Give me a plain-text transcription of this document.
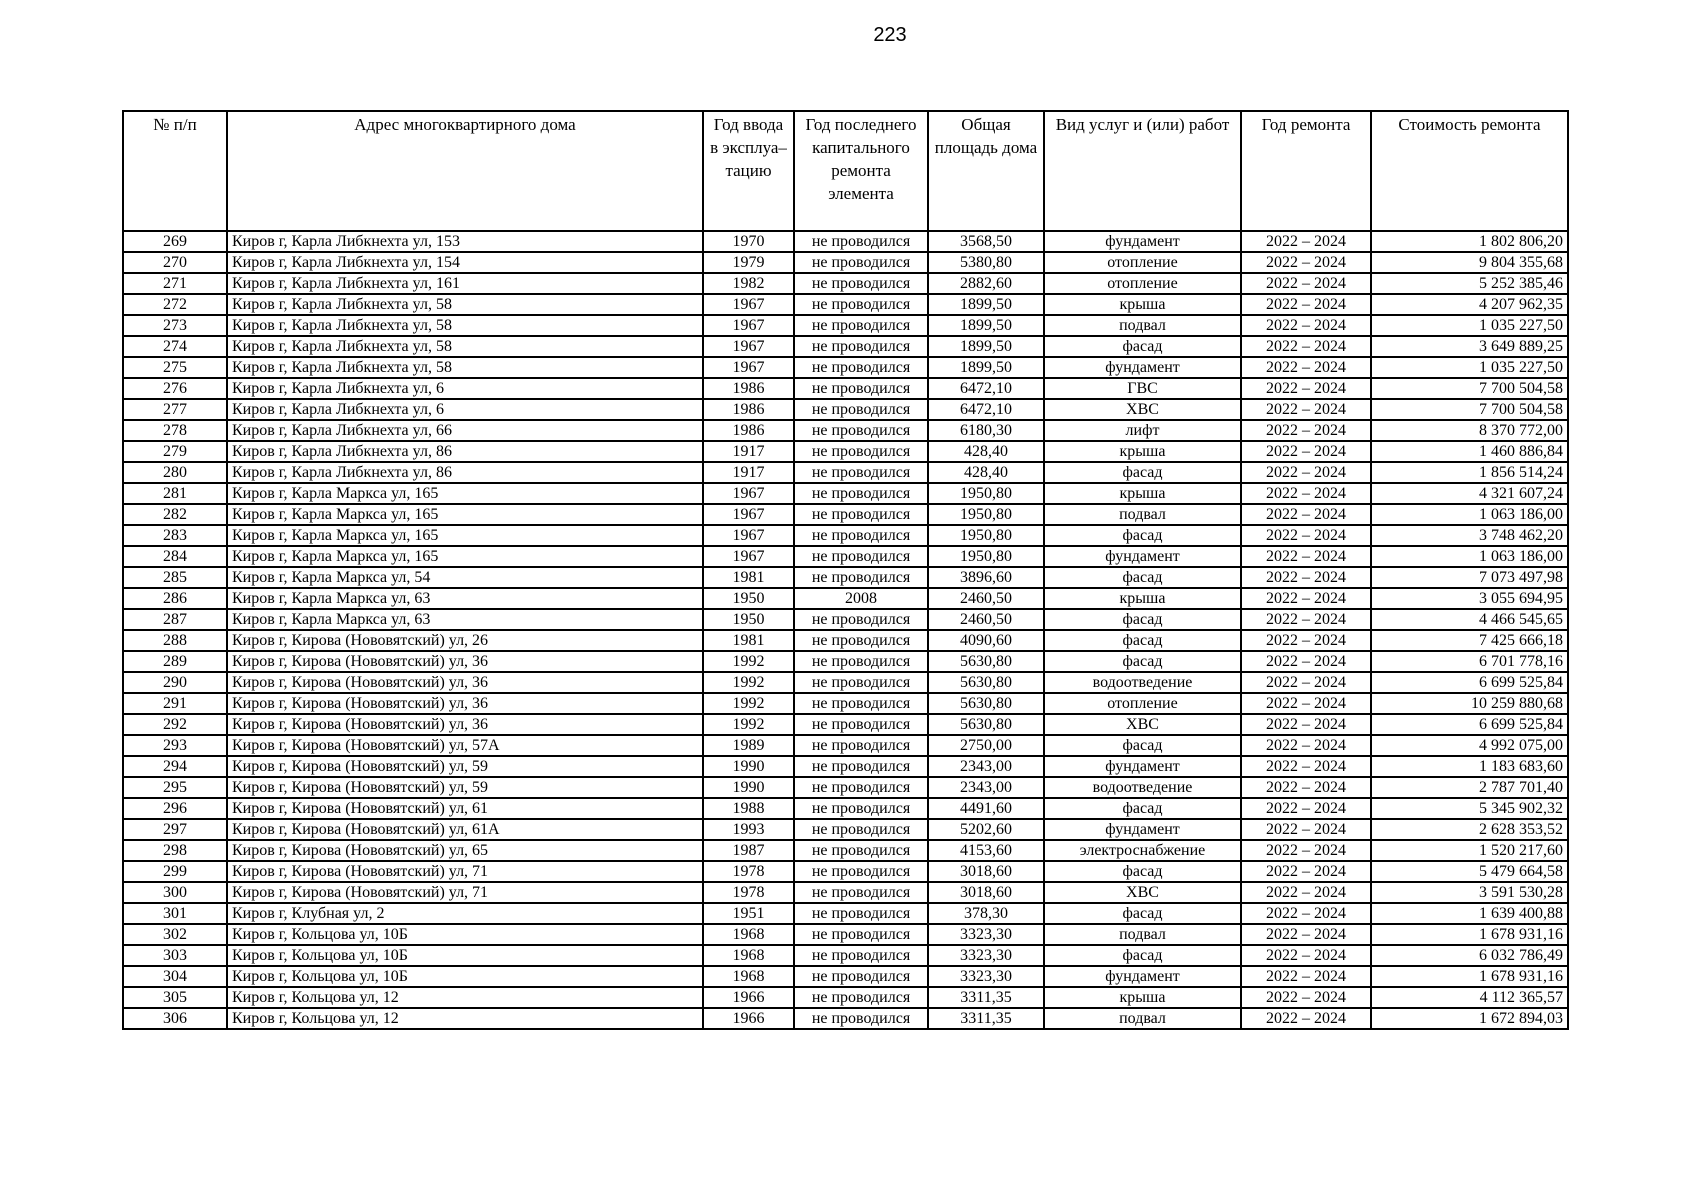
223
№ п/п	Адрес многоквартирного дома	Год ввода в эксплуа–тацию	Год последнего капитального ремонта элемента	Общая площадь дома	Вид услуг и (или) работ	Год ремонта	Стоимость ремонта
269	Киров г, Карла Либкнехта ул, 153	1970	не проводился	3568,50	фундамент	2022 – 2024	1 802 806,20
270	Киров г, Карла Либкнехта ул, 154	1979	не проводился	5380,80	отопление	2022 – 2024	9 804 355,68
271	Киров г, Карла Либкнехта ул, 161	1982	не проводился	2882,60	отопление	2022 – 2024	5 252 385,46
272	Киров г, Карла Либкнехта ул, 58	1967	не проводился	1899,50	крыша	2022 – 2024	4 207 962,35
273	Киров г, Карла Либкнехта ул, 58	1967	не проводился	1899,50	подвал	2022 – 2024	1 035 227,50
274	Киров г, Карла Либкнехта ул, 58	1967	не проводился	1899,50	фасад	2022 – 2024	3 649 889,25
275	Киров г, Карла Либкнехта ул, 58	1967	не проводился	1899,50	фундамент	2022 – 2024	1 035 227,50
276	Киров г, Карла Либкнехта ул, 6	1986	не проводился	6472,10	ГВС	2022 – 2024	7 700 504,58
277	Киров г, Карла Либкнехта ул, 6	1986	не проводился	6472,10	ХВС	2022 – 2024	7 700 504,58
278	Киров г, Карла Либкнехта ул, 66	1986	не проводился	6180,30	лифт	2022 – 2024	8 370 772,00
279	Киров г, Карла Либкнехта ул, 86	1917	не проводился	428,40	крыша	2022 – 2024	1 460 886,84
280	Киров г, Карла Либкнехта ул, 86	1917	не проводился	428,40	фасад	2022 – 2024	1 856 514,24
281	Киров г, Карла Маркса ул, 165	1967	не проводился	1950,80	крыша	2022 – 2024	4 321 607,24
282	Киров г, Карла Маркса ул, 165	1967	не проводился	1950,80	подвал	2022 – 2024	1 063 186,00
283	Киров г, Карла Маркса ул, 165	1967	не проводился	1950,80	фасад	2022 – 2024	3 748 462,20
284	Киров г, Карла Маркса ул, 165	1967	не проводился	1950,80	фундамент	2022 – 2024	1 063 186,00
285	Киров г, Карла Маркса ул, 54	1981	не проводился	3896,60	фасад	2022 – 2024	7 073 497,98
286	Киров г, Карла Маркса ул, 63	1950	2008	2460,50	крыша	2022 – 2024	3 055 694,95
287	Киров г, Карла Маркса ул, 63	1950	не проводился	2460,50	фасад	2022 – 2024	4 466 545,65
288	Киров г, Кирова (Нововятский) ул, 26	1981	не проводился	4090,60	фасад	2022 – 2024	7 425 666,18
289	Киров г, Кирова (Нововятский) ул, 36	1992	не проводился	5630,80	фасад	2022 – 2024	6 701 778,16
290	Киров г, Кирова (Нововятский) ул, 36	1992	не проводился	5630,80	водоотведение	2022 – 2024	6 699 525,84
291	Киров г, Кирова (Нововятский) ул, 36	1992	не проводился	5630,80	отопление	2022 – 2024	10 259 880,68
292	Киров г, Кирова (Нововятский) ул, 36	1992	не проводился	5630,80	ХВС	2022 – 2024	6 699 525,84
293	Киров г, Кирова (Нововятский) ул, 57А	1989	не проводился	2750,00	фасад	2022 – 2024	4 992 075,00
294	Киров г, Кирова (Нововятский) ул, 59	1990	не проводился	2343,00	фундамент	2022 – 2024	1 183 683,60
295	Киров г, Кирова (Нововятский) ул, 59	1990	не проводился	2343,00	водоотведение	2022 – 2024	2 787 701,40
296	Киров г, Кирова (Нововятский) ул, 61	1988	не проводился	4491,60	фасад	2022 – 2024	5 345 902,32
297	Киров г, Кирова (Нововятский) ул, 61А	1993	не проводился	5202,60	фундамент	2022 – 2024	2 628 353,52
298	Киров г, Кирова (Нововятский) ул, 65	1987	не проводился	4153,60	электроснабжение	2022 – 2024	1 520 217,60
299	Киров г, Кирова (Нововятский) ул, 71	1978	не проводился	3018,60	фасад	2022 – 2024	5 479 664,58
300	Киров г, Кирова (Нововятский) ул, 71	1978	не проводился	3018,60	ХВС	2022 – 2024	3 591 530,28
301	Киров г, Клубная ул, 2	1951	не проводился	378,30	фасад	2022 – 2024	1 639 400,88
302	Киров г, Кольцова ул, 10Б	1968	не проводился	3323,30	подвал	2022 – 2024	1 678 931,16
303	Киров г, Кольцова ул, 10Б	1968	не проводился	3323,30	фасад	2022 – 2024	6 032 786,49
304	Киров г, Кольцова ул, 10Б	1968	не проводился	3323,30	фундамент	2022 – 2024	1 678 931,16
305	Киров г, Кольцова ул, 12	1966	не проводился	3311,35	крыша	2022 – 2024	4 112 365,57
306	Киров г, Кольцова ул, 12	1966	не проводился	3311,35	подвал	2022 – 2024	1 672 894,03
